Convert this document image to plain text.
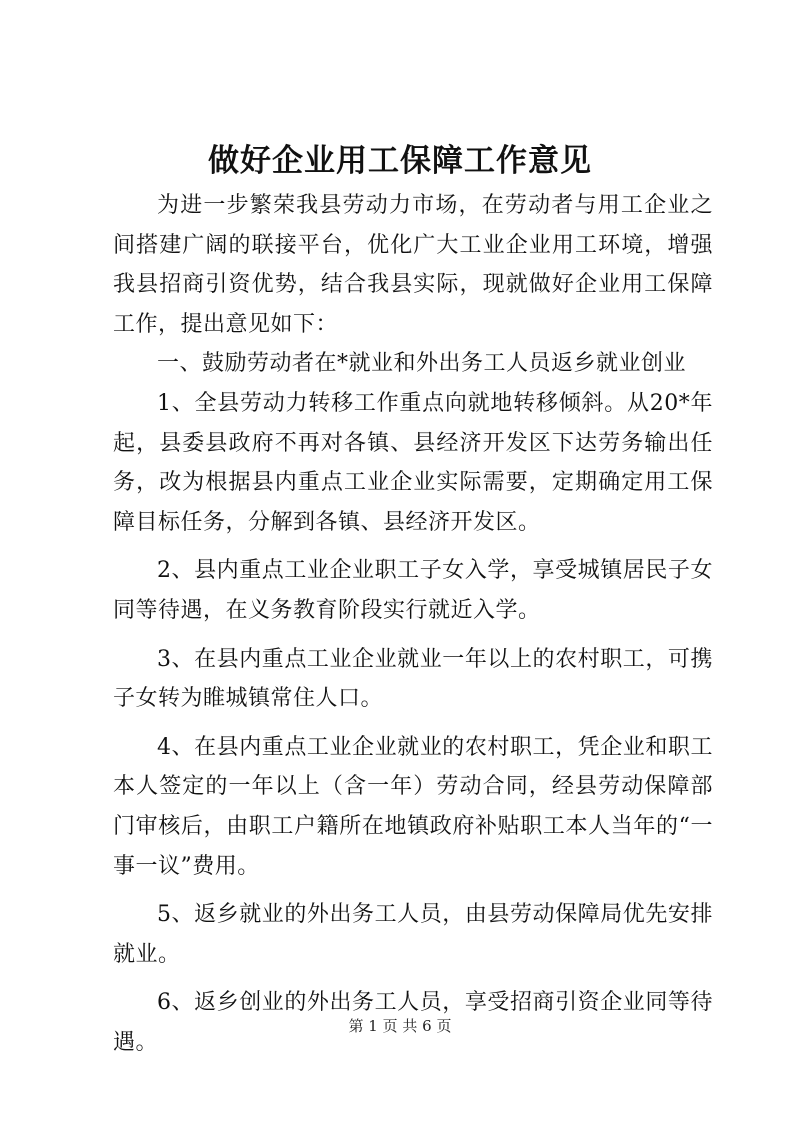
做好企业用工保障工作意见

为进一步繁荣我县劳动力市场，在劳动者与用工企业之间搭建广阔的联接平台，优化广大工业企业用工环境，增强我县招商引资优势，结合我县实际，现就做好企业用工保障工作，提出意见如下：

一、鼓励劳动者在*就业和外出务工人员返乡就业创业

1、全县劳动力转移工作重点向就地转移倾斜。从20*年起，县委县政府不再对各镇、县经济开发区下达劳务输出任务，改为根据县内重点工业企业实际需要，定期确定用工保障目标任务，分解到各镇、县经济开发区。

2、县内重点工业企业职工子女入学，享受城镇居民子女同等待遇，在义务教育阶段实行就近入学。

3、在县内重点工业企业就业一年以上的农村职工，可携子女转为睢城镇常住人口。

4、在县内重点工业企业就业的农村职工，凭企业和职工本人签定的一年以上（含一年）劳动合同，经县劳动保障部门审核后，由职工户籍所在地镇政府补贴职工本人当年的“一事一议”费用。

5、返乡就业的外出务工人员，由县劳动保障局优先安排就业。

6、返乡创业的外出务工人员，享受招商引资企业同等待遇。

第 1 页 共 6 页
